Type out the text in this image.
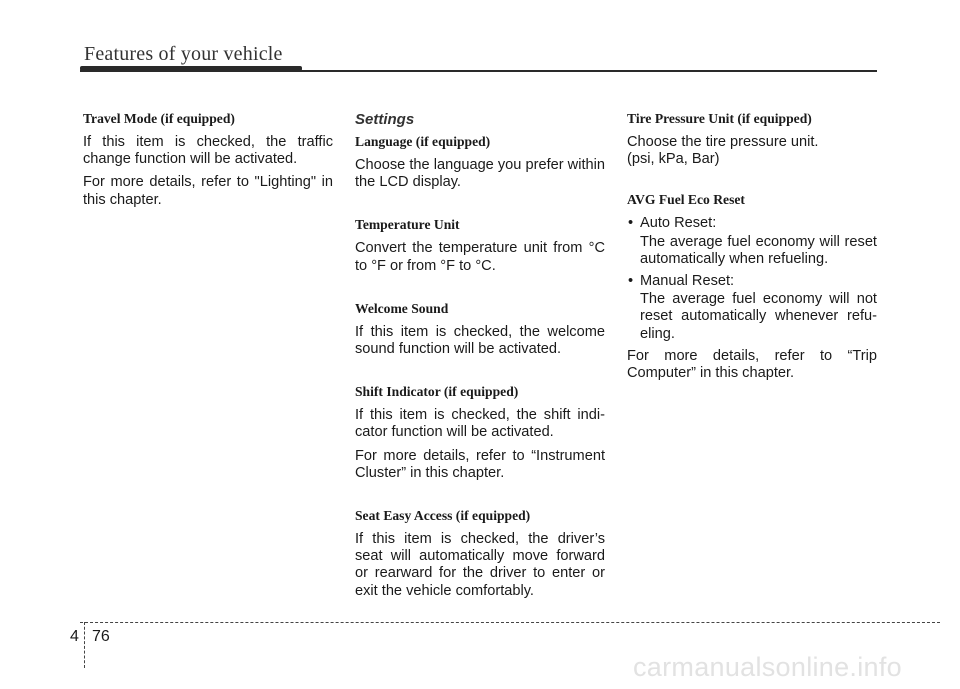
Features of your vehicle
Travel Mode (if equipped)
If this item is checked, the traffic change function will be activated.
For more details, refer to "Lighting" in this chapter.
Settings
Language (if equipped)
Choose the language you prefer within the LCD display.
Temperature Unit
Convert the temperature unit from °C to °F or from °F to °C.
Welcome Sound
If this item is checked, the welcome sound function will be activated.
Shift Indicator (if equipped)
If this item is checked, the shift indi-cator function will be activated.
For more details, refer to “Instrument Cluster” in this chapter.
Seat Easy Access (if equipped)
If this item is checked, the driver’s seat will automatically move forward or rearward for the driver to enter or exit the vehicle comfortably.
Tire Pressure Unit (if equipped)
Choose the tire pressure unit.
(psi, kPa, Bar)
AVG Fuel Eco Reset
• Auto Reset:
The average fuel economy will reset automatically when refueling.
• Manual Reset:
The average fuel economy will not reset automatically whenever refu-eling.
For more details, refer to “Trip Computer” in this chapter.
4 76
carmanualsonline.info
